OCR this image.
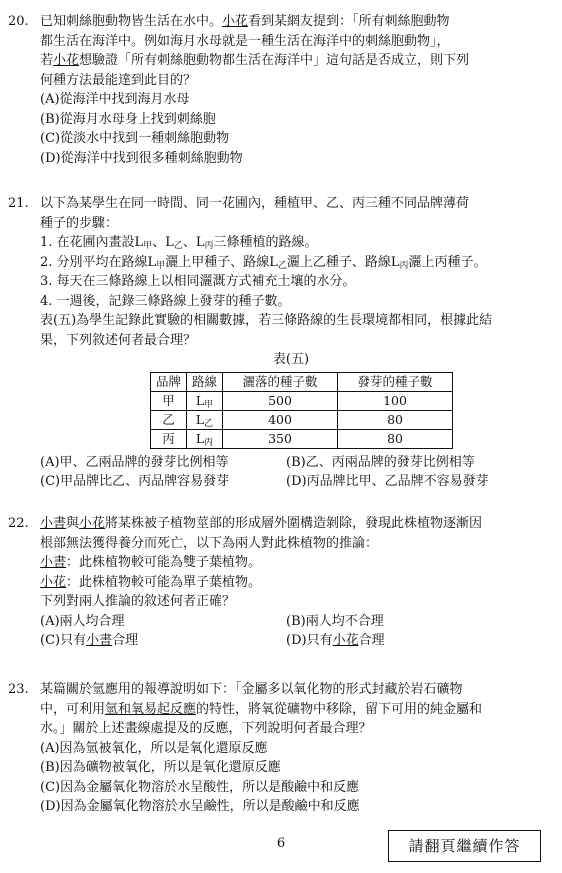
20. 已知刺絲胞動物皆生活在水中。小花看到某網友提到：「所有刺絲胞動物
都生活在海洋中。例如海月水母就是一種生活在海洋中的刺絲胞動物」，
若小花想驗證「所有刺絲胞動物都生活在海洋中」這句話是否成立，則下列
何種方法最能達到此目的？
(A)從海洋中找到海月水母
(B)從海月水母身上找到刺絲胞
(C)從淡水中找到一種刺絲胞動物
(D)從海洋中找到很多種刺絲胞動物
21. 以下為某學生在同一時間、同一花圃內，種植甲、乙、丙三種不同品牌薄荷
種子的步驟：
1. 在花圃內畫設$L_甲$、$L_乙$、$L_丙$三條種植的路線。
2. 分別平均在路線$L_甲$灑上甲種子、路線$L_乙$灑上乙種子、路線$L_丙$灑上丙種子。
3. 每天在三條路線上以相同灑溉方式補充土壤的水分。
4. 一週後，記錄三條路線上發芽的種子數。
表(五)為學生記錄此實驗的相關數據，若三條路線的生長環境都相同，根據此結
果，下列敘述何者最合理？
表(五)
品牌	路線	灑落的種子數	發芽的種子數
甲	$L_甲$	500	100
乙	$L_乙$	400	80
丙	$L_丙$	350	80
(A)甲、乙兩品牌的發芽比例相等	(B)乙、丙兩品牌的發芽比例相等
(C)甲品牌比乙、丙品牌容易發芽	(D)丙品牌比甲、乙品牌不容易發芽
22. 小書與小花將某株被子植物莖部的形成層外圍構造剝除，發現此株植物逐漸因
根部無法獲得養分而死亡，以下為兩人對此株植物的推論：
小書：此株植物較可能為雙子葉植物。
小花：此株植物較可能為單子葉植物。
下列對兩人推論的敘述何者正確？
(A)兩人均合理	(B)兩人均不合理
(C)只有小書合理	(D)只有小花合理
23. 某篇關於氫應用的報導說明如下：「金屬多以氧化物的形式封藏於岩石礦物
中，可利用氫和氧易起反應的特性，將氧從礦物中移除，留下可用的純金屬和
水。」關於上述畫線處提及的反應，下列說明何者最合理？
(A)因為氫被氧化，所以是氧化還原反應
(B)因為礦物被氧化，所以是氧化還原反應
(C)因為金屬氧化物溶於水呈酸性，所以是酸鹼中和反應
(D)因為金屬氧化物溶於水呈鹼性，所以是酸鹼中和反應
6	請翻頁繼續作答
